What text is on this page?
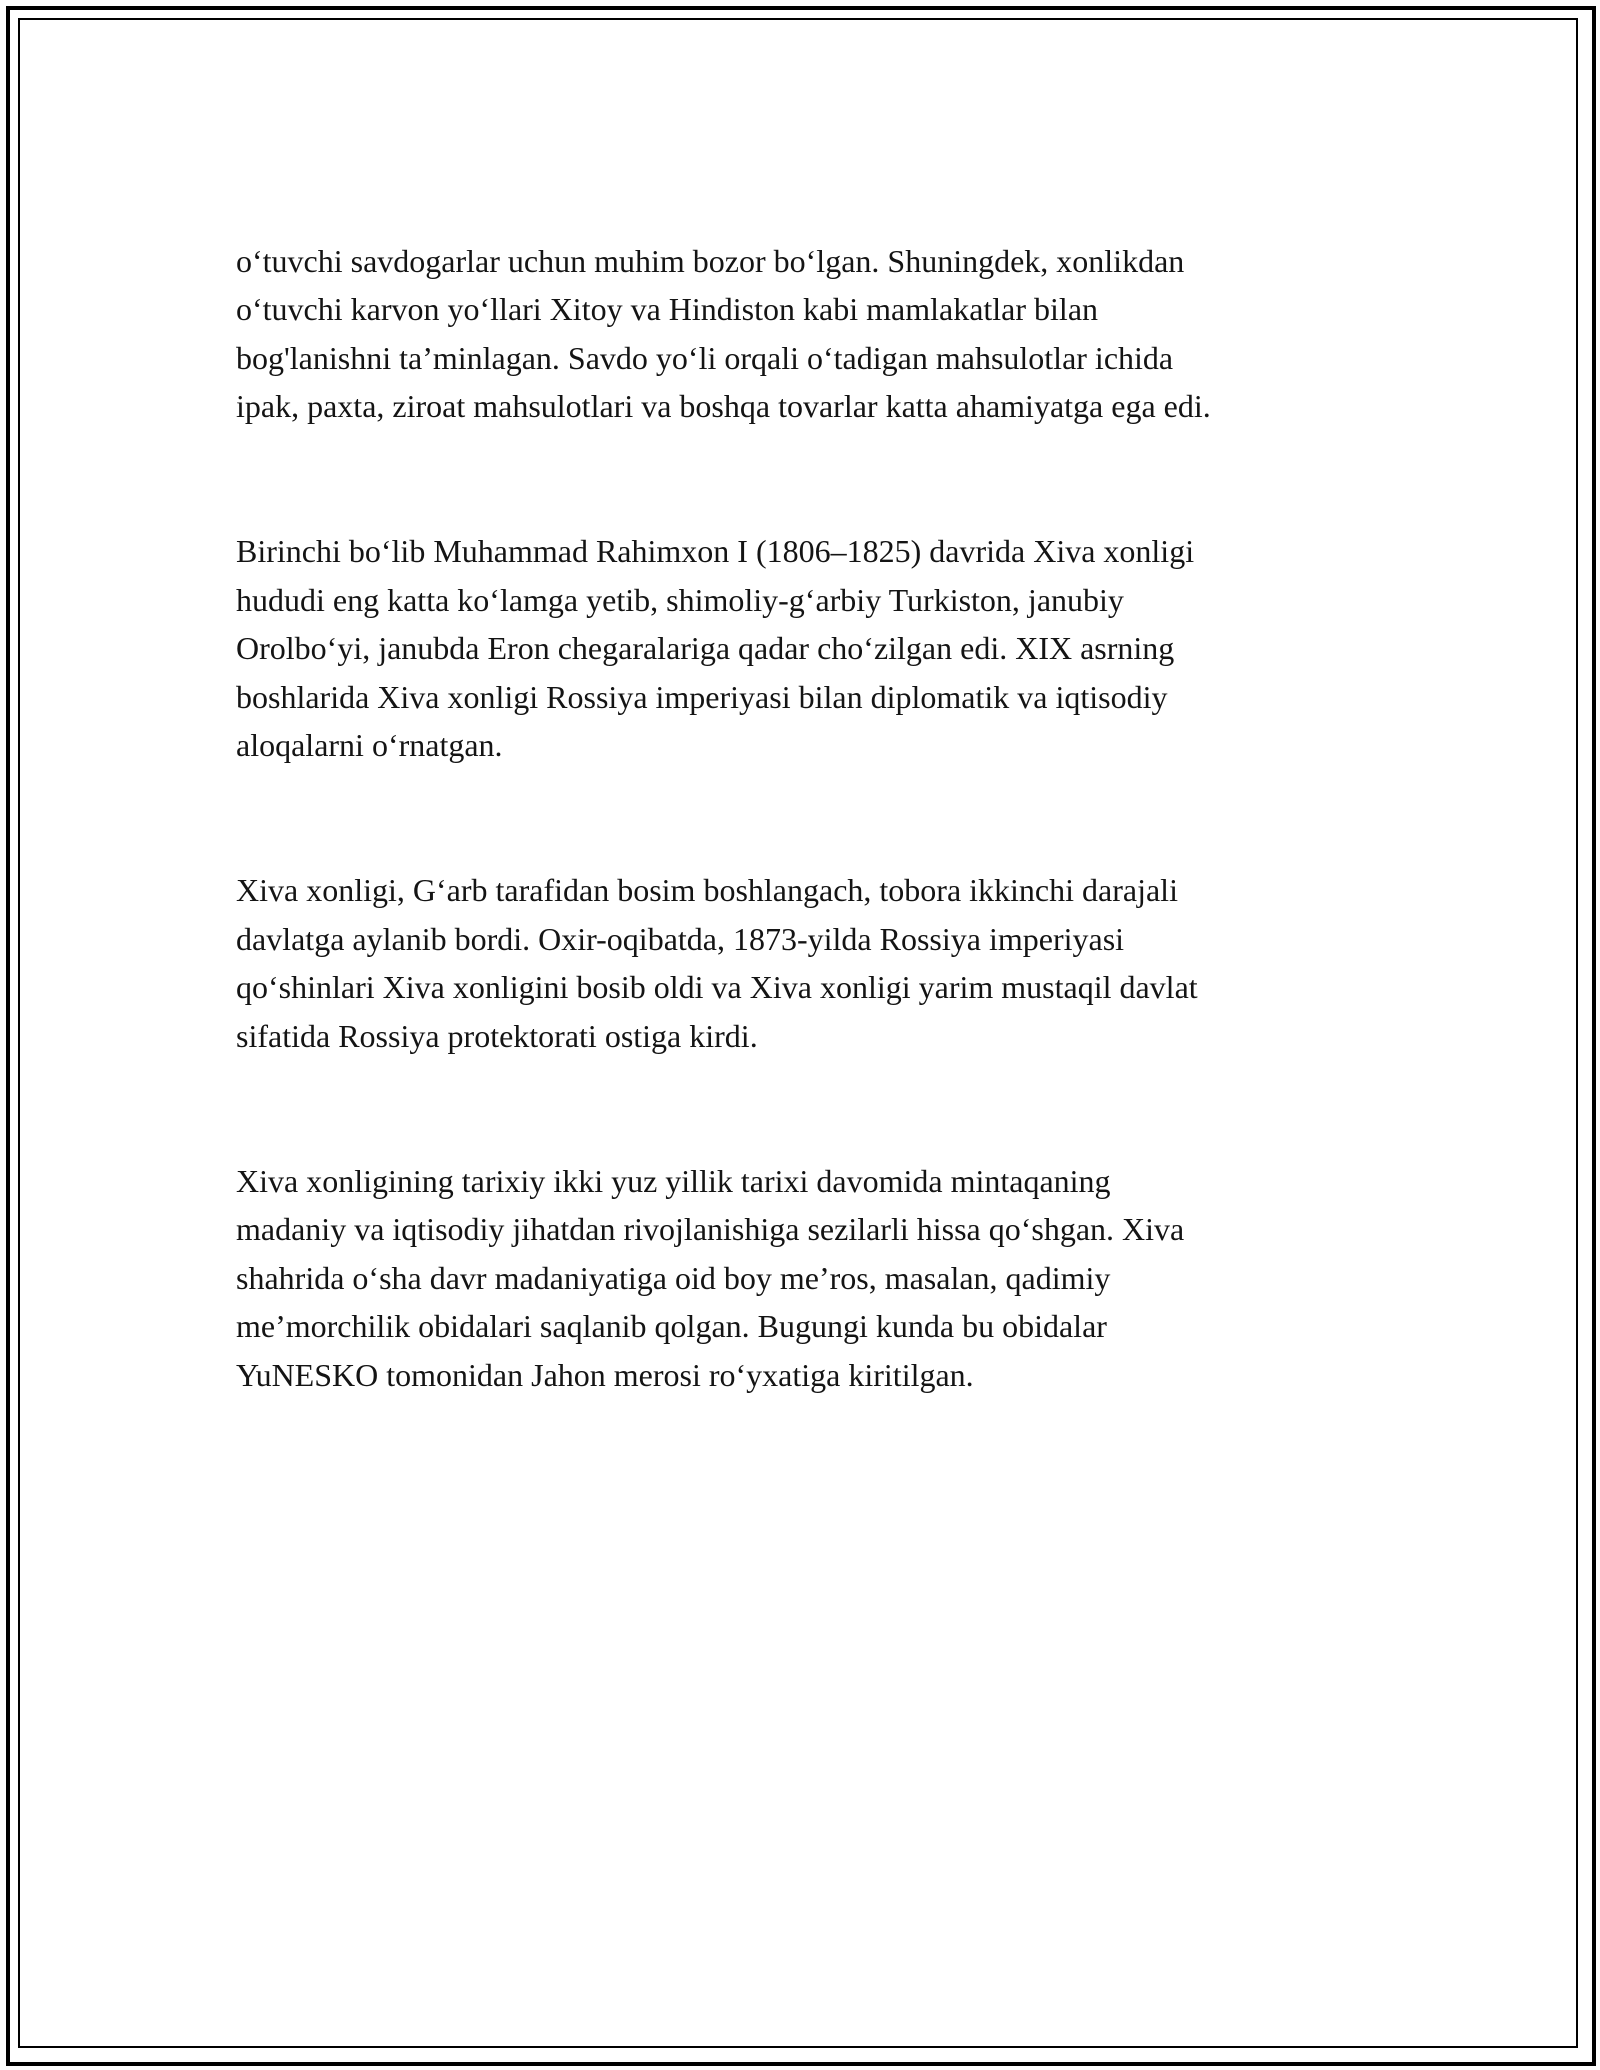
o‘tuvchi savdogarlar uchun muhim bozor bo‘lgan. Shuningdek, xonlikdan
o‘tuvchi karvon yo‘llari Xitoy va Hindiston kabi mamlakatlar bilan
bog'lanishni ta’minlagan. Savdo yo‘li orqali o‘tadigan mahsulotlar ichida
ipak, paxta, ziroat mahsulotlari va boshqa tovarlar katta ahamiyatga ega edi.

Birinchi bo‘lib Muhammad Rahimxon I (1806–1825) davrida Xiva xonligi
hududi eng katta ko‘lamga yetib, shimoliy-g‘arbiy Turkiston, janubiy
Orolbo‘yi, janubda Eron chegaralariga qadar cho‘zilgan edi. XIX asrning
boshlarida Xiva xonligi Rossiya imperiyasi bilan diplomatik va iqtisodiy
aloqalarni o‘rnatgan.

Xiva xonligi, G‘arb tarafidan bosim boshlangach, tobora ikkinchi darajali
davlatga aylanib bordi. Oxir-oqibatda, 1873-yilda Rossiya imperiyasi
qo‘shinlari Xiva xonligini bosib oldi va Xiva xonligi yarim mustaqil davlat
sifatida Rossiya protektorati ostiga kirdi.

Xiva xonligining tarixiy ikki yuz yillik tarixi davomida mintaqaning
madaniy va iqtisodiy jihatdan rivojlanishiga sezilarli hissa qo‘shgan. Xiva
shahrida o‘sha davr madaniyatiga oid boy me’ros, masalan, qadimiy
me’morchilik obidalari saqlanib qolgan. Bugungi kunda bu obidalar
YuNESKO tomonidan Jahon merosi ro‘yxatiga kiritilgan.
